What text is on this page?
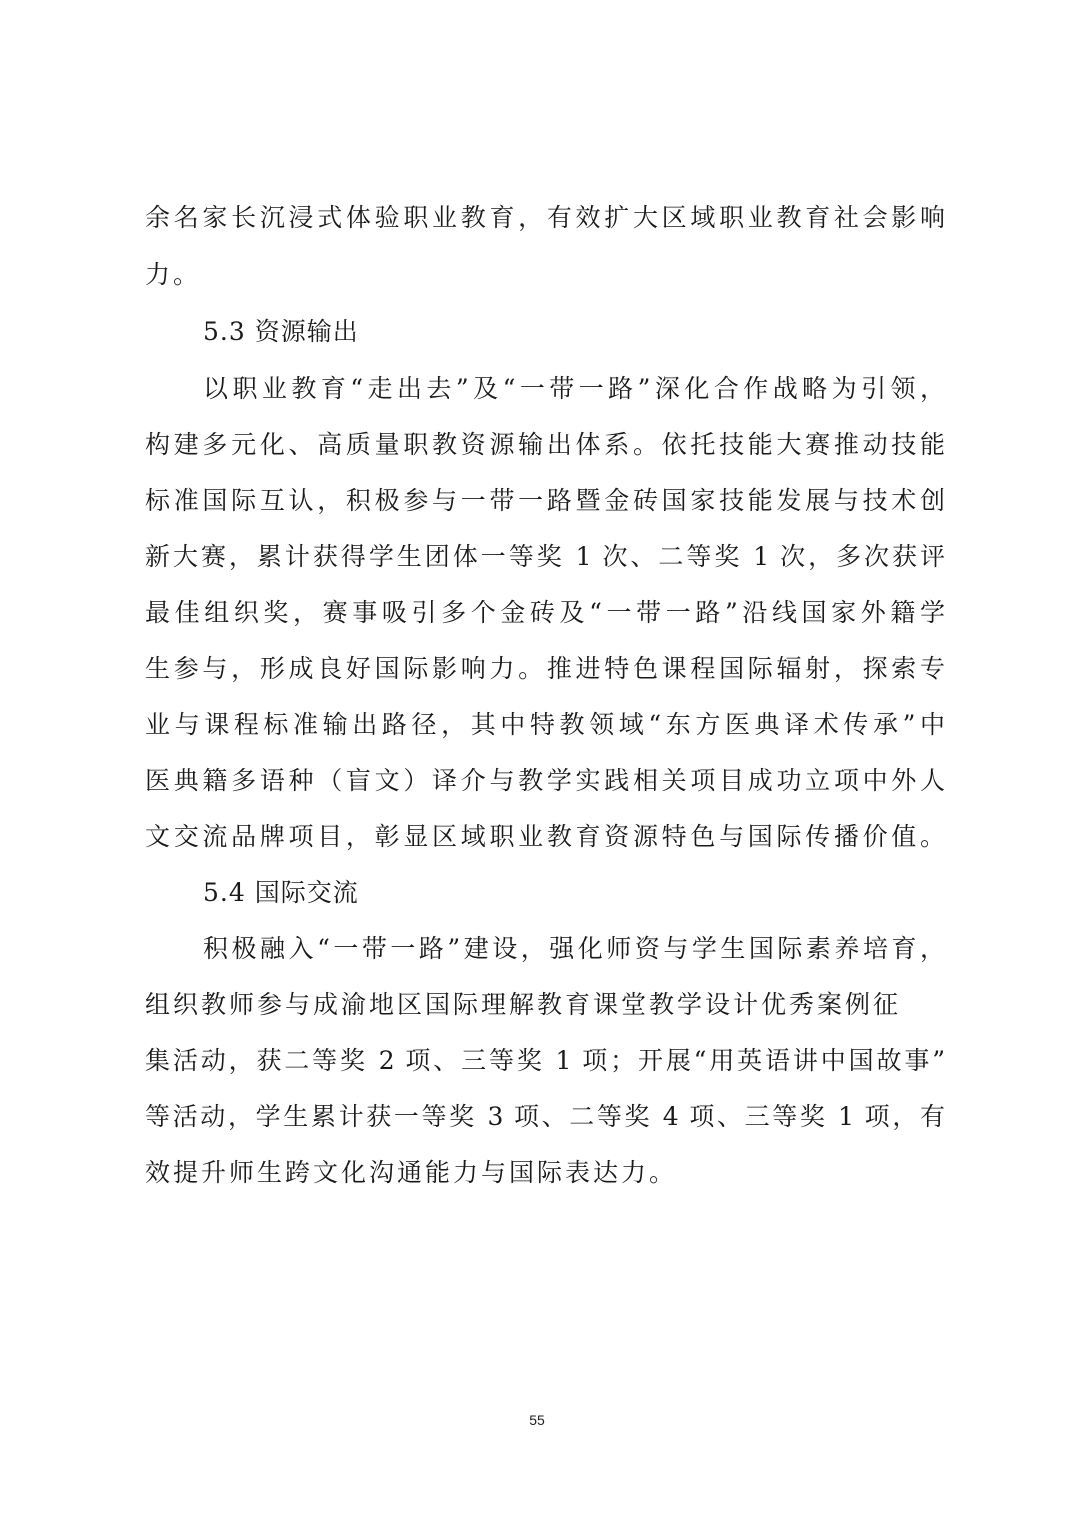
余名家长沉浸式体验职业教育，有效扩大区域职业教育社会影响
力。
5.3 资源输出
以职业教育“走出去”及“一带一路”深化合作战略为引领，
构建多元化、高质量职教资源输出体系。依托技能大赛推动技能
标准国际互认，积极参与一带一路暨金砖国家技能发展与技术创
新大赛，累计获得学生团体一等奖 1 次、二等奖 1 次，多次获评
最佳组织奖，赛事吸引多个金砖及“一带一路”沿线国家外籍学
生参与，形成良好国际影响力。推进特色课程国际辐射，探索专
业与课程标准输出路径，其中特教领域“东方医典译术传承”中
医典籍多语种（盲文）译介与教学实践相关项目成功立项中外人
文交流品牌项目，彰显区域职业教育资源特色与国际传播价值。
5.4 国际交流
积极融入“一带一路”建设，强化师资与学生国际素养培育，
组织教师参与成渝地区国际理解教育课堂教学设计优秀案例征
集活动，获二等奖 2 项、三等奖 1 项；开展“用英语讲中国故事”
等活动，学生累计获一等奖 3 项、二等奖 4 项、三等奖 1 项，有
效提升师生跨文化沟通能力与国际表达力。
55
